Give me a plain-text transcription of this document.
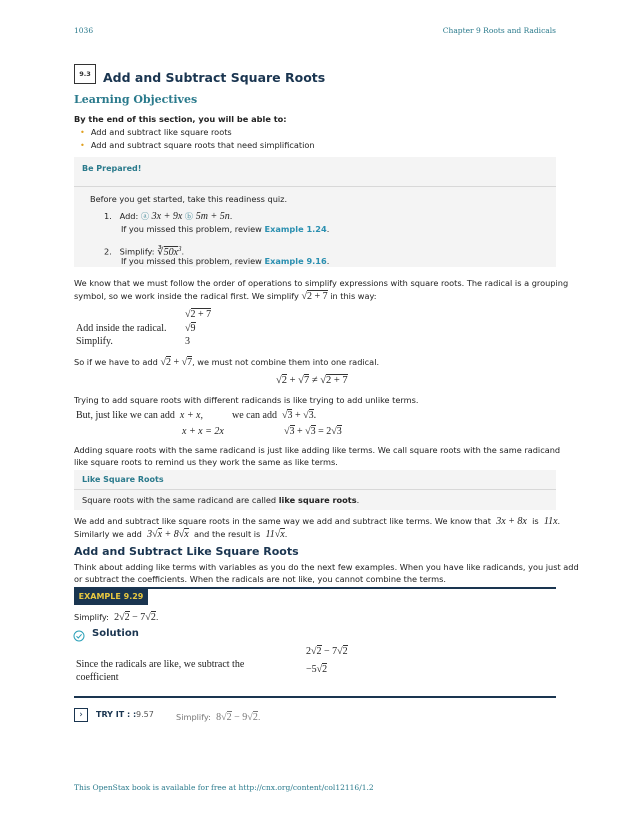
1036	Chapter 9 Roots and Radicals
9.3 Add and Subtract Square Roots
Learning Objectives
By the end of this section, you will be able to:
• Add and subtract like square roots
• Add and subtract square roots that need simplification
Be Prepared!
Before you get started, take this readiness quiz.
1. Add: ⓐ 3x + 9x ⓑ 5m + 5n.
If you missed this problem, review Example 1.24.
2. Simplify: $∛50x^3$.
If you missed this problem, review Example 9.16.
We know that we must follow the order of operations to simplify expressions with square roots. The radical is a grouping
symbol, so we work inside the radical first. We simplify √2 + 7 in this way:
√2 + 7
Add inside the radical. √9
Simplify.	3
So if we have to add √2 + √7, we must not combine them into one radical.
√2 + √7 ≠ √2 + 7
Trying to add square roots with different radicands is like trying to add unlike terms.
But, just like we can add x + x,	we can add  √3 + √3.
x + x = 2x	√3 + √3 = 2√3
Adding square roots with the same radicand is just like adding like terms. We call square roots with the same radicand
like square roots to remind us they work the same as like terms.
Like Square Roots
Square roots with the same radicand are called like square roots.
We add and subtract like square roots in the same way we add and subtract like terms. We know that 3x + 8x is 11x.
Similarly we add 3√x + 8√x and the result is 11√x.
Add and Subtract Like Square Roots
Think about adding like terms with variables as you do the next few examples. When you have like radicands, you just add
or subtract the coefficients. When the radicals are not like, you cannot combine the terms.
EXAMPLE 9.29
Simplify: 2√2 − 7√2.
Solution
2√2 − 7√2
Since the radicals are like, we subtract the
coefficient
−5√2
›	TRY IT : : 9.57	Simplify: 8√2 − 9√2.
This OpenStax book is available for free at http://cnx.org/content/col12116/1.2
